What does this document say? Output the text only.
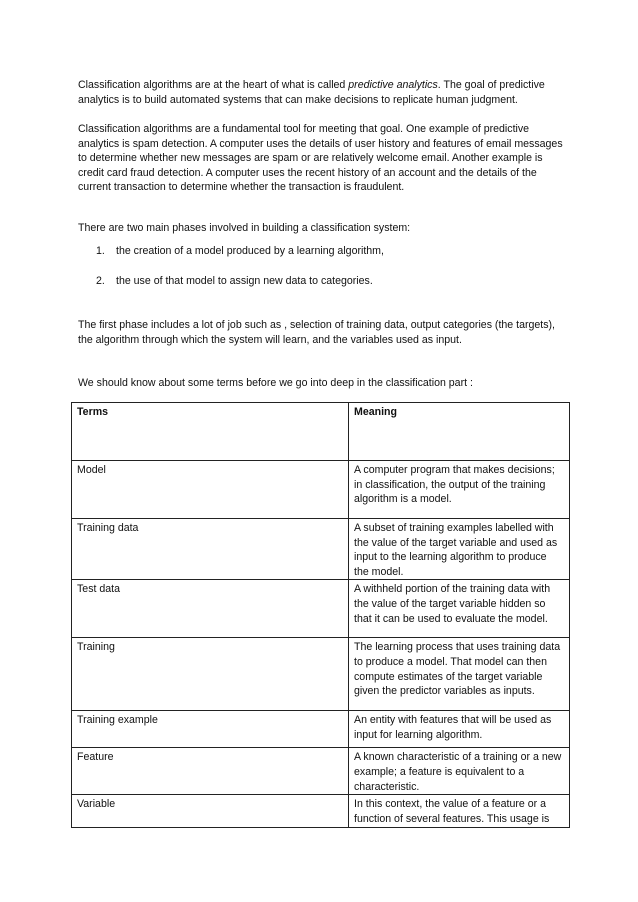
Classification algorithms are at the heart of what is called predictive analytics. The goal of predictive analytics is to build automated systems that can make decisions to replicate human judgment.

Classification algorithms are a fundamental tool for meeting that goal. One example of predictive analytics is spam detection. A computer uses the details of user history and features of email messages to determine whether new messages are spam or are relatively welcome email. Another example is credit card fraud detection. A computer uses the recent history of an account and the details of the current transaction to determine whether the transaction is fraudulent.

There are two main phases involved in building a classification system:

1. the creation of a model produced by a learning algorithm,
2. the use of that model to assign new data to categories.

The first phase includes a lot of job such as , selection of training data, output categories (the targets), the algorithm through which the system will learn, and the variables used as input.

We should know about some terms before we go into deep in the classification part :

Terms	Meaning
Model	A computer program that makes decisions; in classification, the output of the training algorithm is a model.
Training data	A subset of training examples labelled with the value of the target variable and used as input to the learning algorithm to produce the model.
Test data	A withheld portion of the training data with the value of the target variable hidden so that it can be used to evaluate the model.
Training	The learning process that uses training data to produce a model. That model can then compute estimates of the target variable given the predictor variables as inputs.
Training example	An entity with features that will be used as input for learning algorithm.
Feature	A known characteristic of a training or a new example; a feature is equivalent to a characteristic.
Variable	In this context, the value of a feature or a function of several features. This usage is
